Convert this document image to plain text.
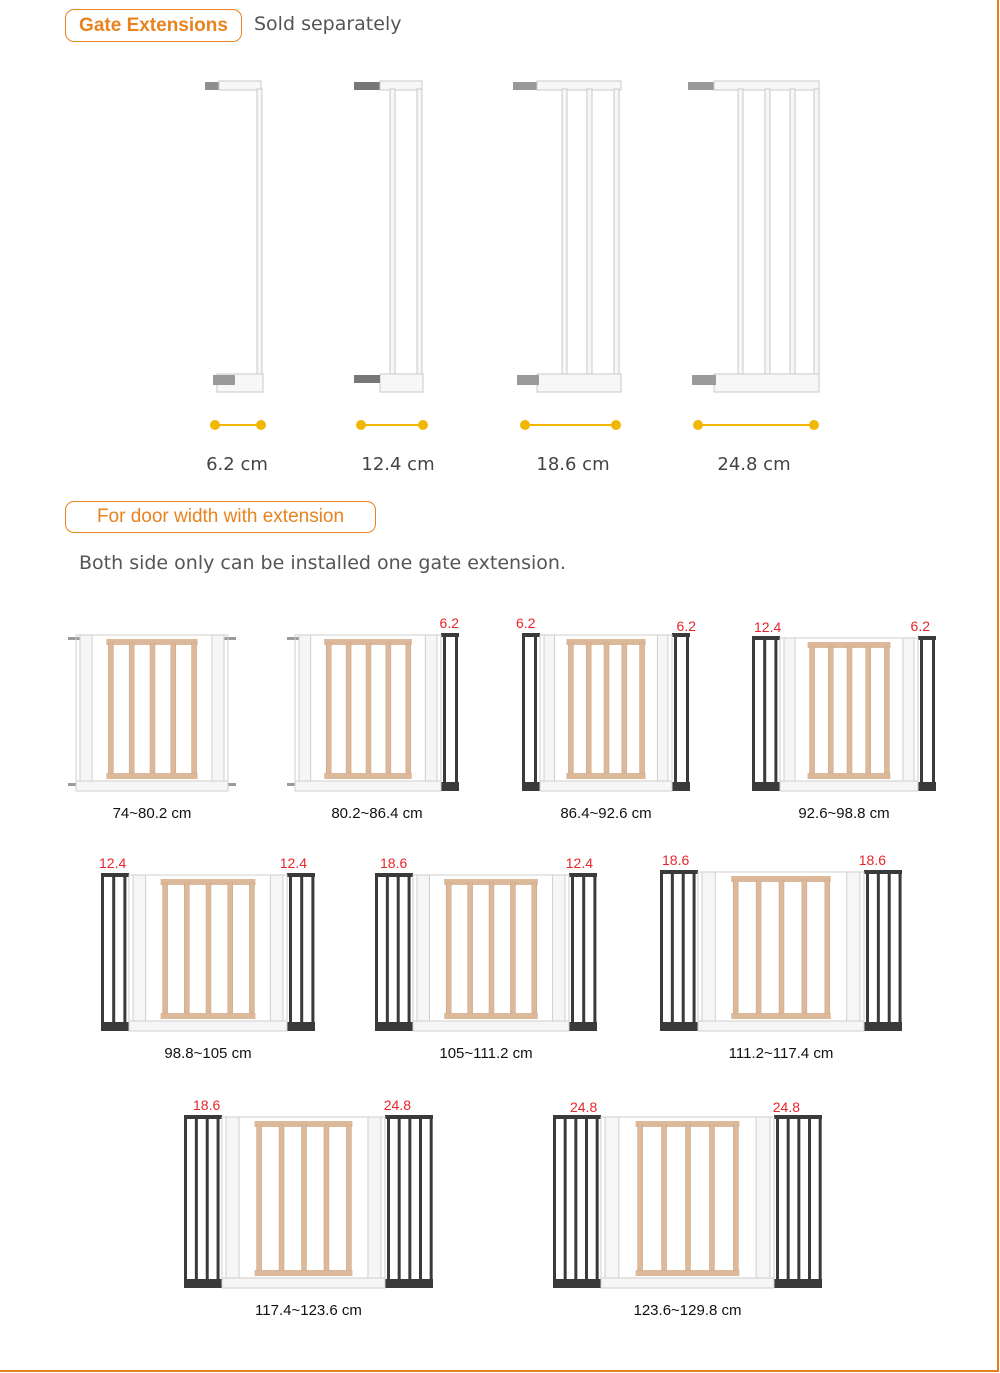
Gate Extensions	Sold separately
6.2 cm	12.4 cm	18.6 cm	24.8 cm
For door width with extension
Both side only can be installed one gate extension.
74~80.2 cm
6.2
80.2~86.4 cm
6.2	6.2
86.4~92.6 cm
12.4	6.2
92.6~98.8 cm
12.4	12.4
98.8~105 cm
18.6	12.4
105~111.2 cm
18.6	18.6
111.2~117.4 cm
18.6	24.8
117.4~123.6 cm
24.8	24.8
123.6~129.8 cm
